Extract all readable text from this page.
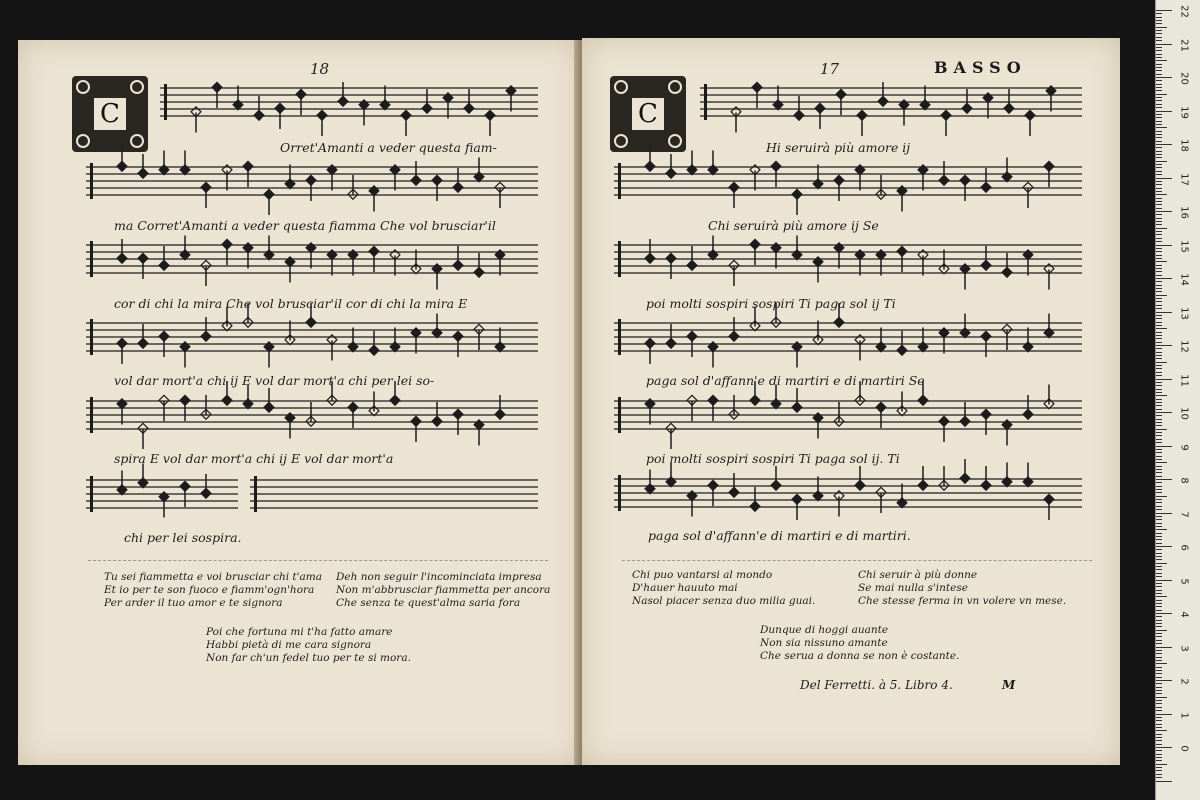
18
C
Orret'Amanti a veder questa fiam-
ma Corret'Amanti a veder questa fiamma Che vol brusciar'il
cor di chi la mira Che vol brusciar'il cor di chi la mira E
vol dar mort'a chi ij E vol dar mort'a chi per lei so-
spira E vol dar mort'a chi ij E vol dar mort'a
chi per lei sospira.
Tu sei fiammetta e voi brusciar chi t'ama
Et io per te son fuoco e fiamm'ogn'hora
Per arder il tuo amor e te signora
Deh non seguir l'incominciata impresa
Non m'abbrusciar fiammetta per ancora
Che senza te quest'alma saria fora
Poi che fortuna mi t'ha fatto amare
Habbi pietà di me cara signora
Non far ch'un fedel tuo per te si mora.
17	BASSO
C
Hi seruirà più amore ij
Chi seruirà più amore ij Se
poi molti sospiri sospiri Ti paga sol ij Ti
paga sol d'affann'e di martiri e di martiri Se
poi molti sospiri sospiri Ti paga sol ij. Ti
paga sol d'affann'e di martiri e di martiri.
Chi puo vantarsi al mondo
D'hauer hauuto mai
Nasol piacer senza duo milia guai.
Chi seruir à più donne
Se mai nulla s'intese
Che stesse ferma in vn volere vn mese.
Dunque di hoggi auante
Non sia nissuno amante
Che serua a donna se non è costante.
Del Ferretti. à 5. Libro 4.	M
22
21
20
19
18
17
16
15
14
13
12
11
10
9
8
7
6
5
4
3
2
1
0
